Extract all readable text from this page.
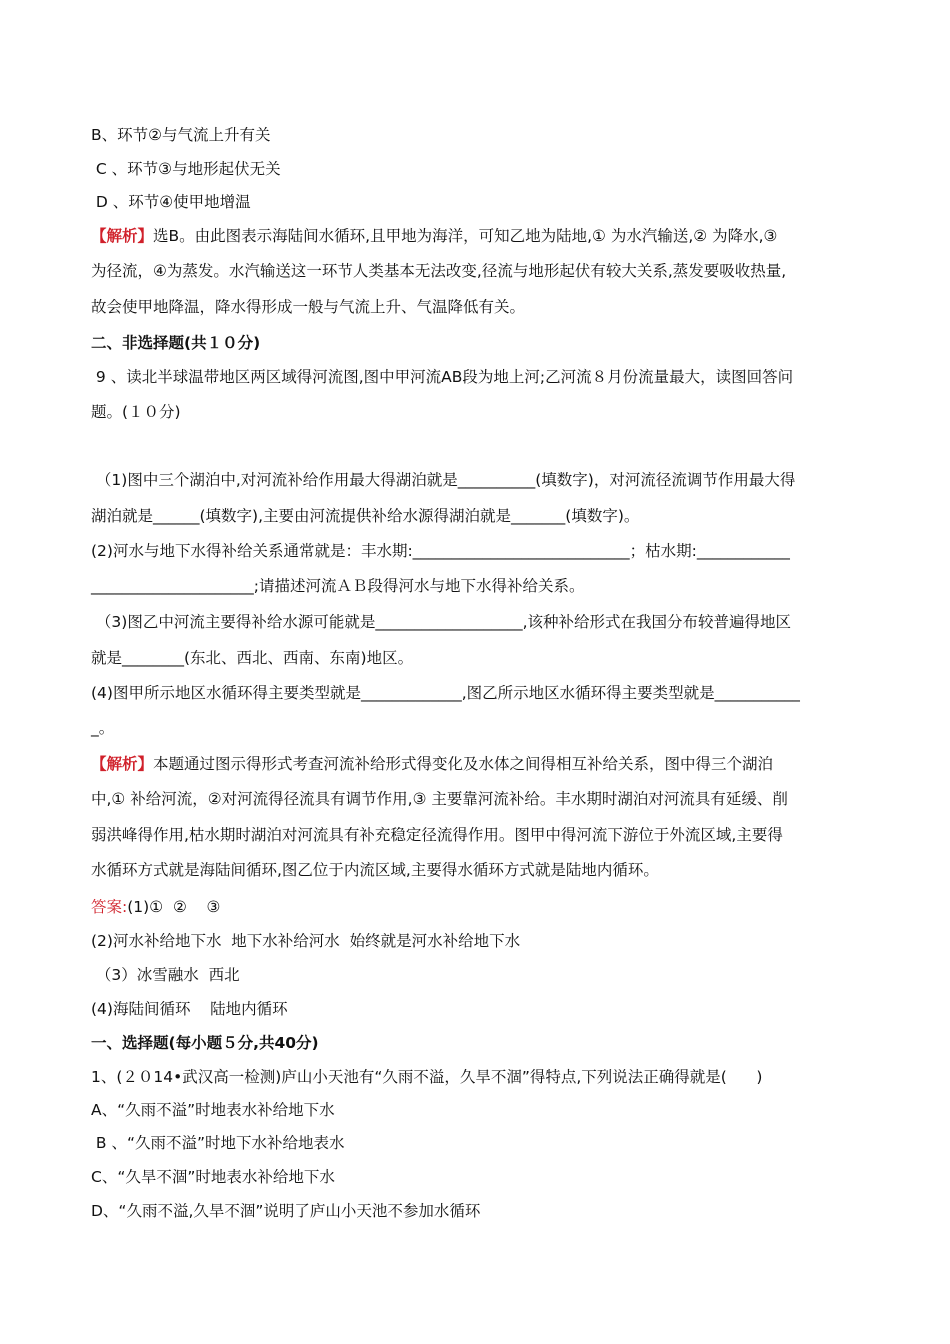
B、环节②与气流上升有关
C 、环节③与地形起伏无关
D 、环节④使甲地增温
【解析】选B。由此图表示海陆间水循环,且甲地为海洋，可知乙地为陆地,① 为水汽输送,② 为降水,③
为径流，④为蒸发。水汽输送这一环节人类基本无法改变,径流与地形起伏有较大关系,蒸发要吸收热量,
故会使甲地降温，降水得形成一般与气流上升、气温降低有关。
二、非选择题(共１０分)
9 、读北半球温带地区两区域得河流图,图中甲河流AB段为地上河;乙河流８月份流量最大，读图回答问
题。(１０分)
（1)图中三个湖泊中,对河流补给作用最大得湖泊就是__________(填数字)，对河流径流调节作用最大得
湖泊就是______(填数字),主要由河流提供补给水源得湖泊就是_______(填数字)。
(2)河水与地下水得补给关系通常就是：丰水期:____________________________；枯水期:____________
_____________________;请描述河流ＡＢ段得河水与地下水得补给关系。
（3)图乙中河流主要得补给水源可能就是___________________,该种补给形式在我国分布较普遍得地区
就是________(东北、西北、西南、东南)地区。
(4)图甲所示地区水循环得主要类型就是_____________,图乙所示地区水循环得主要类型就是___________
_。
【解析】本题通过图示得形式考查河流补给形式得变化及水体之间得相互补给关系，图中得三个湖泊
中,① 补给河流，②对河流得径流具有调节作用,③ 主要靠河流补给。丰水期时湖泊对河流具有延缓、削
弱洪峰得作用,枯水期时湖泊对河流具有补充稳定径流得作用。图甲中得河流下游位于外流区域,主要得
水循环方式就是海陆间循环,图乙位于内流区域,主要得水循环方式就是陆地内循环。
答案:(1)①  ②    ③
(2)河水补给地下水  地下水补给河水  始终就是河水补给地下水
（3）冰雪融水  西北
(4)海陆间循环    陆地内循环
一、选择题(每小题５分,共40分)
1、(２０14•武汉高一检测)庐山小天池有“久雨不溢，久旱不涸”得特点,下列说法正确得就是(      )
A、“久雨不溢”时地表水补给地下水
B 、“久雨不溢”时地下水补给地表水
C、“久旱不涸”时地表水补给地下水
D、“久雨不溢,久旱不涸”说明了庐山小天池不参加水循环
